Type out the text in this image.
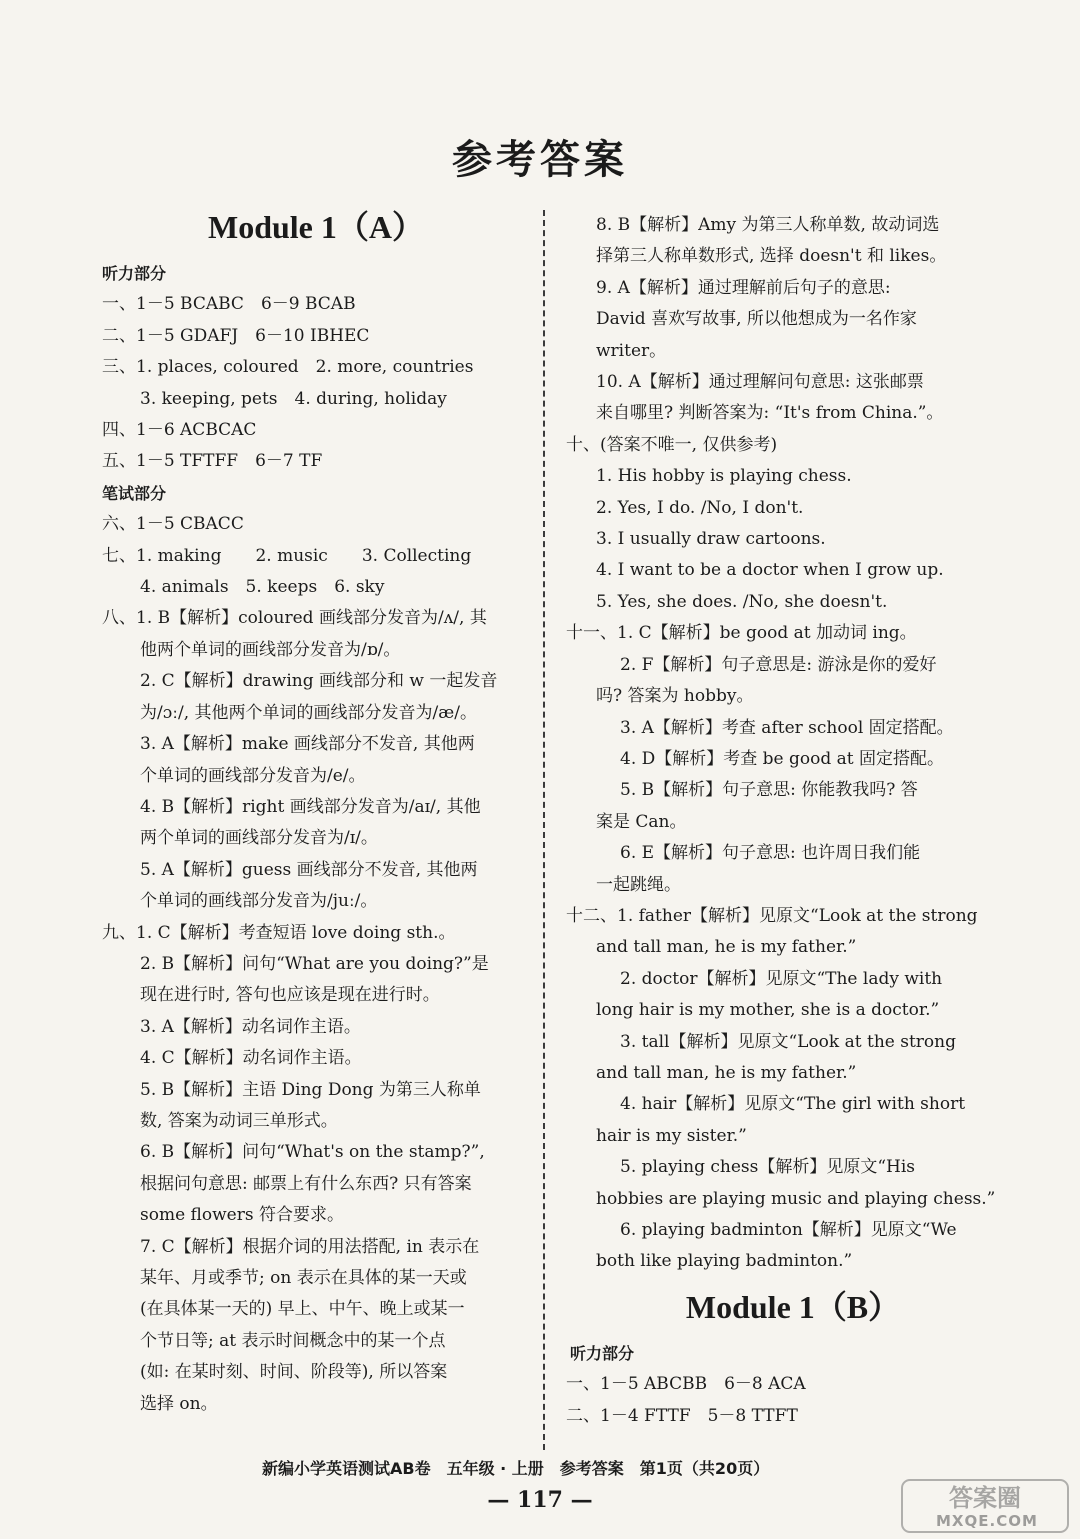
参考答案
Module 1（A）

听力部分

一、1－5 BCABC　6－9 BCAB

二、1－5 GDAFJ　6－10 IBHEC

三、1. places, coloured　2. more, countries

3. keeping, pets　4. during, holiday

四、1－6 ACBCAC

五、1－5 TFTFF　6－7 TF

笔试部分

六、1－5 CBACC

七、1. making　　2. music　　3. Collecting

4. animals　5. keeps　6. sky

八、1. B【解析】coloured 画线部分发音为/ʌ/, 其

他两个单词的画线部分发音为/ɒ/。

2. C【解析】drawing 画线部分和 w 一起发音

为/ɔː/, 其他两个单词的画线部分发音为/æ/。

3. A【解析】make 画线部分不发音, 其他两

个单词的画线部分发音为/e/。

4. B【解析】right 画线部分发音为/aɪ/, 其他

两个单词的画线部分发音为/ɪ/。

5. A【解析】guess 画线部分不发音, 其他两

个单词的画线部分发音为/juː/。

九、1. C【解析】考查短语 love doing sth.。

2. B【解析】问句“What are you doing?”是

现在进行时, 答句也应该是现在进行时。

3. A【解析】动名词作主语。

4. C【解析】动名词作主语。

5. B【解析】主语 Ding Dong 为第三人称单

数, 答案为动词三单形式。

6. B【解析】问句“What's on the stamp?”,

根据问句意思: 邮票上有什么东西? 只有答案

some flowers 符合要求。

7. C【解析】根据介词的用法搭配, in 表示在

某年、月或季节; on 表示在具体的某一天或

(在具体某一天的) 早上、中午、晚上或某一

个节日等; at 表示时间概念中的某一个点

(如: 在某时刻、时间、阶段等), 所以答案

选择 on。

8. B【解析】Amy 为第三人称单数, 故动词选

择第三人称单数形式, 选择 doesn't 和 likes。

9. A【解析】通过理解前后句子的意思:

David 喜欢写故事, 所以他想成为一名作家

writer。

10. A【解析】通过理解问句意思: 这张邮票

来自哪里? 判断答案为: “It's from China.”。

十、(答案不唯一, 仅供参考)

1. His hobby is playing chess.

2. Yes, I do. /No, I don't.

3. I usually draw cartoons.

4. I want to be a doctor when I grow up.

5. Yes, she does. /No, she doesn't.

十一、1. C【解析】be good at 加动词 ing。

2. F【解析】句子意思是: 游泳是你的爱好

吗? 答案为 hobby。

3. A【解析】考查 after school 固定搭配。

4. D【解析】考查 be good at 固定搭配。

5. B【解析】句子意思: 你能教我吗? 答

案是 Can。

6. E【解析】句子意思: 也许周日我们能

一起跳绳。

十二、1. father【解析】见原文“Look at the strong

and tall man, he is my father.”

2. doctor【解析】见原文“The lady with

long hair is my mother, she is a doctor.”

3. tall【解析】见原文“Look at the strong

and tall man, he is my father.”

4. hair【解析】见原文“The girl with short

hair is my sister.”

5. playing chess【解析】见原文“His

hobbies are playing music and playing chess.”

6. playing badminton【解析】见原文“We

both like playing badminton.”

Module 1（B）

听力部分

一、1－5 ABCBB　6－8 ACA

二、1－4 FTTF　5－8 TTFT

新编小学英语测试AB卷　五年级 · 上册　参考答案　第1页（共20页）
— 117 —	答案圈
MXQE.COM
